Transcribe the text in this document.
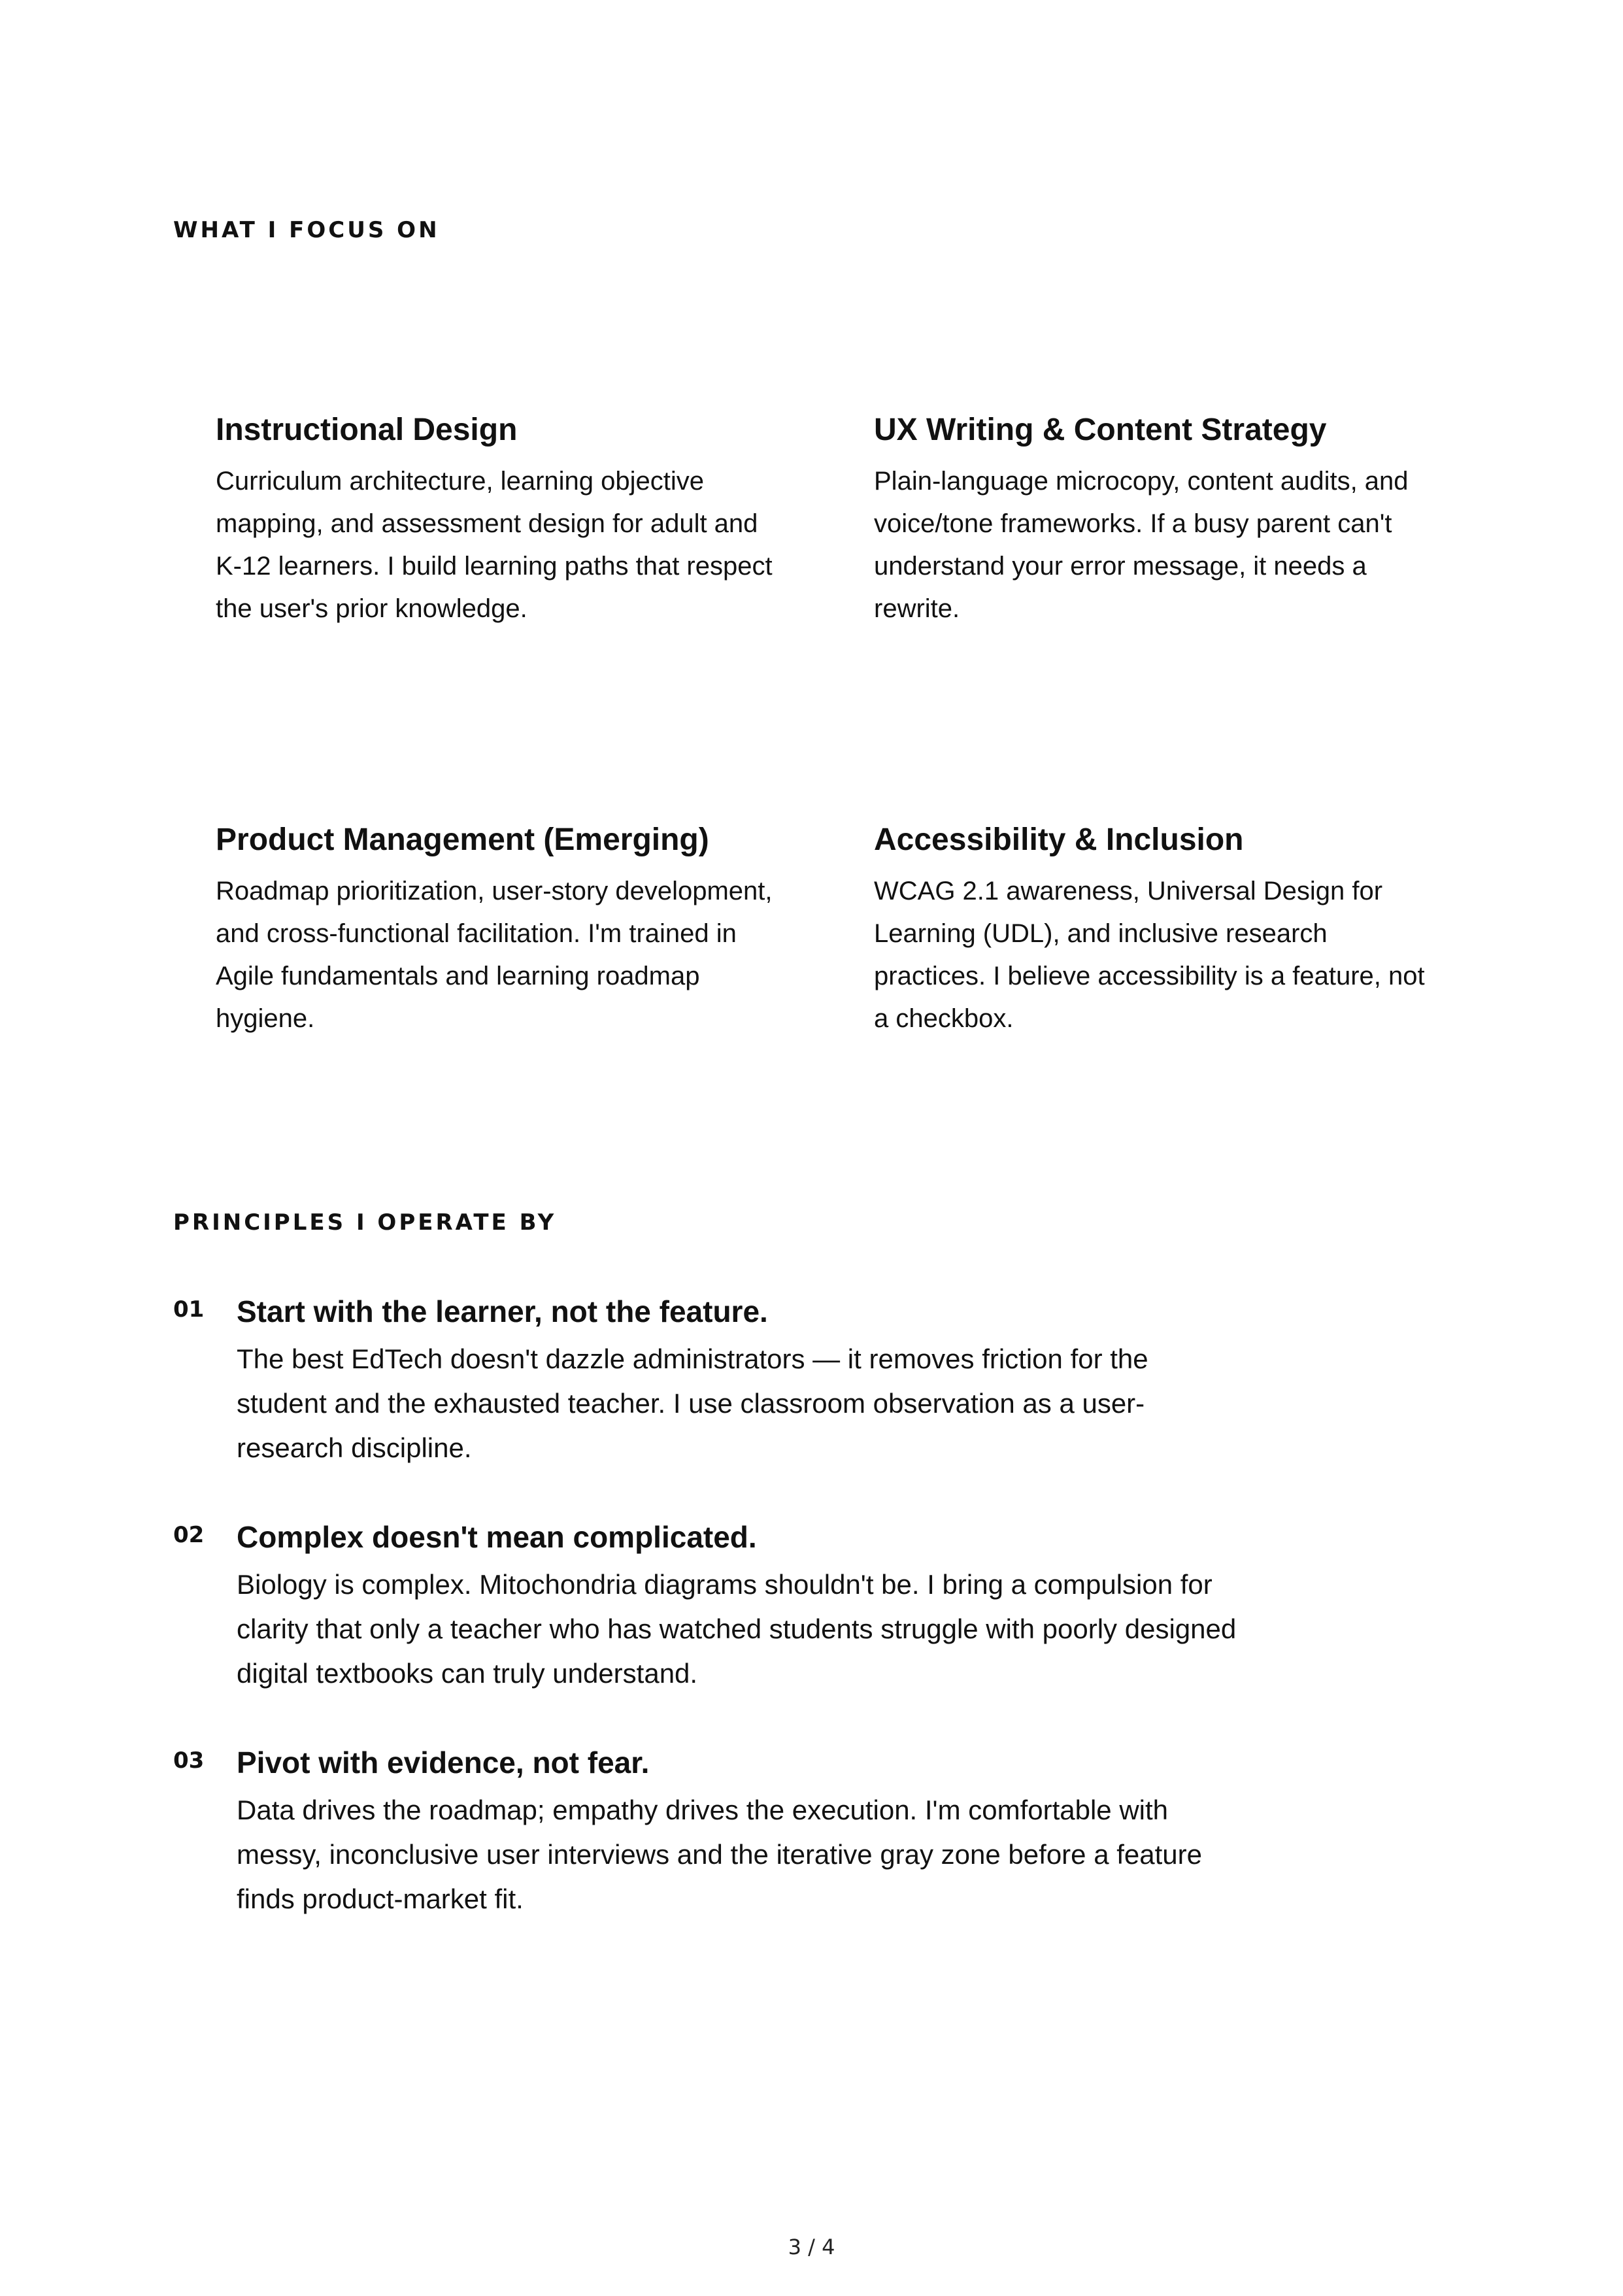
WHAT I FOCUS ON
Instructional Design

Curriculum architecture, learning objective mapping, and assessment design for adult and K-12 learners. I build learning paths that respect the user's prior knowledge.

UX Writing & Content Strategy

Plain-language microcopy, content audits, and voice/tone frameworks. If a busy parent can't understand your error message, it needs a rewrite.

Product Management (Emerging)

Roadmap prioritization, user-story development, and cross-functional facilitation. I'm trained in Agile fundamentals and learning roadmap hygiene.

Accessibility & Inclusion

WCAG 2.1 awareness, Universal Design for Learning (UDL), and inclusive research practices. I believe accessibility is a feature, not a checkbox.

PRINCIPLES I OPERATE BY
01 Start with the learner, not the feature.

The best EdTech doesn't dazzle administrators — it removes friction for the student and the exhausted teacher. I use classroom observation as a user-research discipline.

02 Complex doesn't mean complicated.

Biology is complex. Mitochondria diagrams shouldn't be. I bring a compulsion for clarity that only a teacher who has watched students struggle with poorly designed digital textbooks can truly understand.

03 Pivot with evidence, not fear.

Data drives the roadmap; empathy drives the execution. I'm comfortable with messy, inconclusive user interviews and the iterative gray zone before a feature finds product-market fit.

3 / 4
